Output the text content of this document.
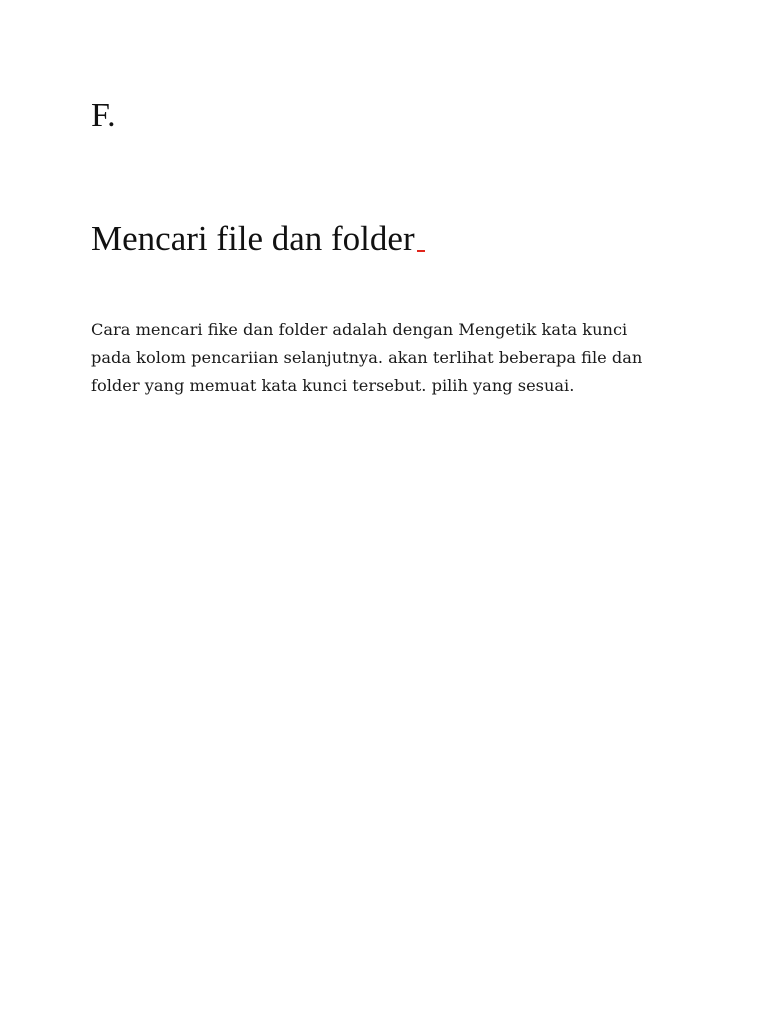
F.
Mencari file dan folder
Cara mencari fike dan folder adalah dengan Mengetik kata kunci
pada kolom pencariian selanjutnya. akan terlihat beberapa file dan
folder yang memuat kata kunci tersebut. pilih yang sesuai.
